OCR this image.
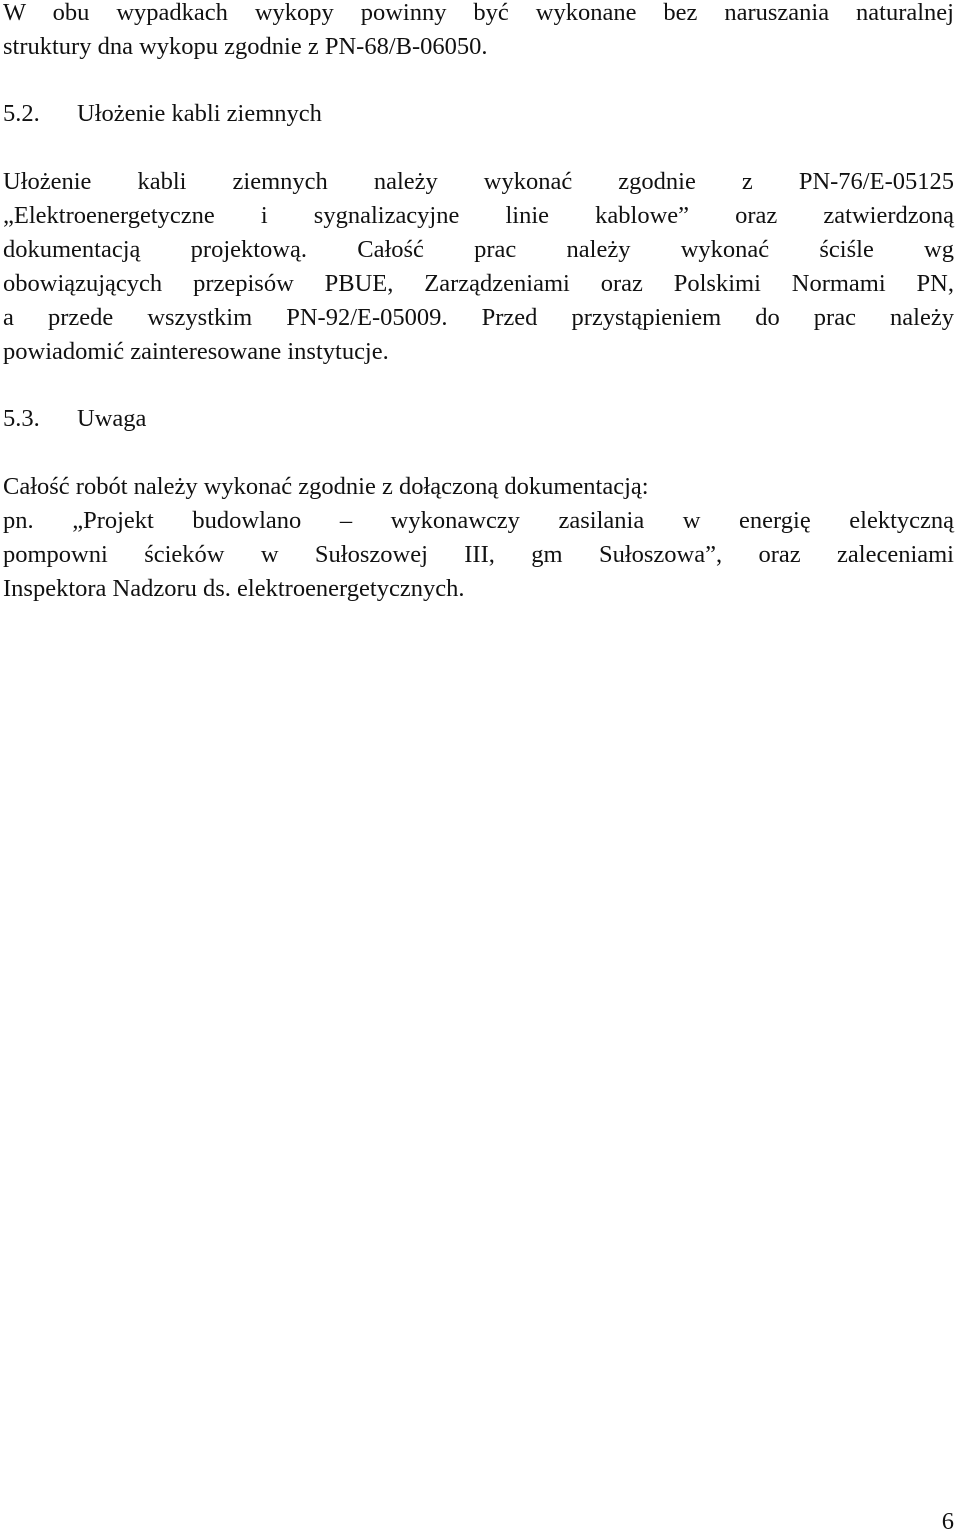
W obu wypadkach wykopy powinny być wykonane bez naruszania naturalnej
struktury dna wykopu zgodnie z PN-68/B-06050.
5.2.	Ułożenie kabli ziemnych
Ułożenie kabli ziemnych należy wykonać zgodnie z PN-76/E-05125
„Elektroenergetyczne i sygnalizacyjne linie kablowe” oraz zatwierdzoną
dokumentacją projektową. Całość prac należy wykonać ściśle wg
obowiązujących przepisów PBUE, Zarządzeniami oraz Polskimi Normami PN,
a przede wszystkim PN-92/E-05009. Przed przystąpieniem do prac należy
powiadomić zainteresowane instytucje.
5.3.	Uwaga
Całość robót należy wykonać zgodnie z dołączoną dokumentacją:
pn. „Projekt budowlano – wykonawczy zasilania w energię elektyczną
pompowni ścieków w Sułoszowej III, gm Sułoszowa”, oraz zaleceniami
Inspektora Nadzoru ds. elektroenergetycznych.
6
